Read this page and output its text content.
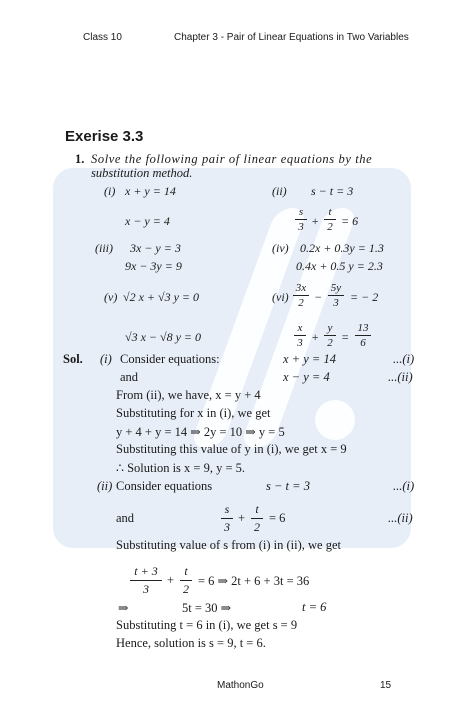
Class 10	Chapter 3 - Pair of Linear Equations in Two Variables
Exerise 3.3
1. Solve the following pair of linear equations by the
substitution method.
(i) x + y = 14
x − y = 4
(ii) s − t = 3
s
3 +
t
2 = 6
(iii) 3x − y = 3
9x − 3y = 9
(iv) 0.2x + 0.3y = 1.3
0.4x + 0.5 y = 2.3
(v) √2 x + √3 y = 0
√3 x − √8 y = 0
(vi)
3x
2 −
5y
3 = − 2
x
3 +
y
2 =
13
6
Sol. (i) Consider equations:	x + y = 14	...(i)
and	x − y = 4	...(ii)
From (ii), we have, x = y + 4
Substituting for x in (i), we get
y + 4 + y = 14 ⇒ 2y = 10 ⇒ y = 5
Substituting this value of y in (i), we get x = 9
∴ Solution is x = 9, y = 5.
(ii) Consider equations	s − t = 3	...(i)
and
s
3
+
t
2
= 6	...(ii)
Substituting value of s from (i) in (ii), we get
t + 3
3
+
t
2
= 6 ⇒ 2t + 6 + 3t = 36
⇒	5t = 30 ⇒	t = 6
Substituting t = 6 in (i), we get s = 9
Hence, solution is s = 9, t = 6.
MathonGo	15
